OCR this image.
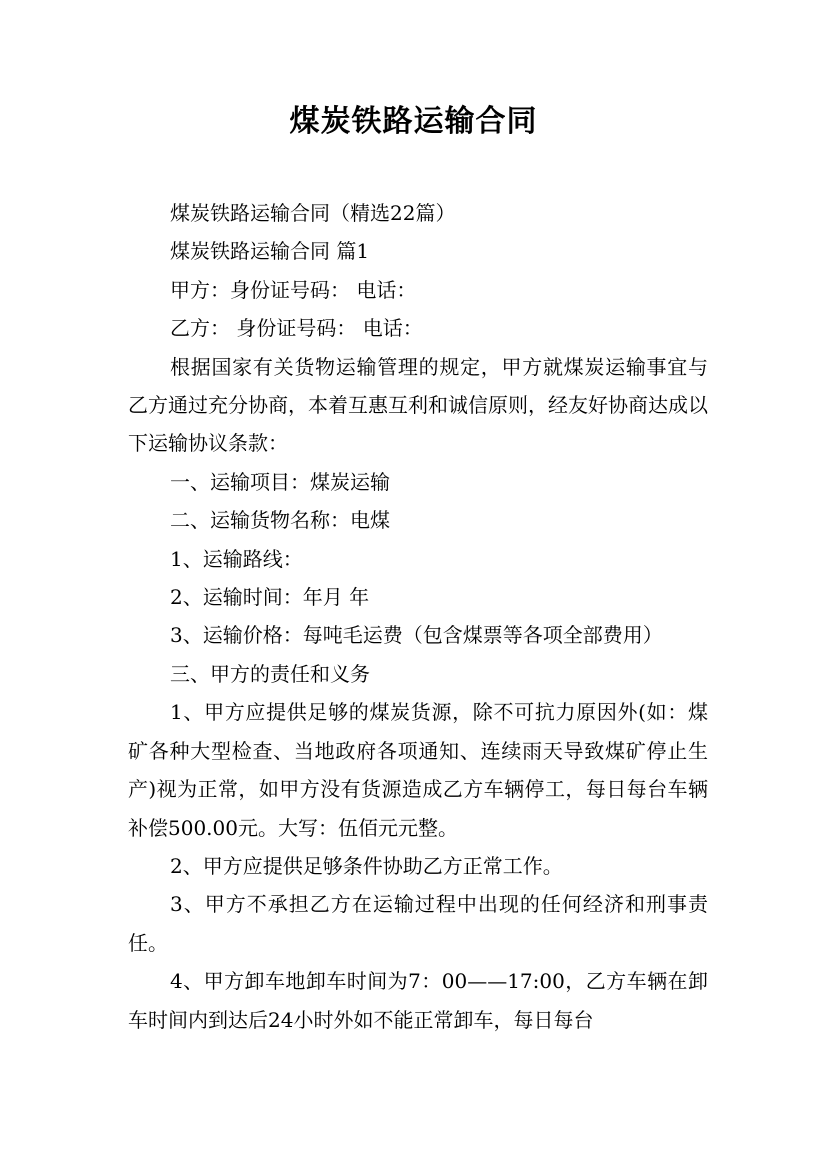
煤炭铁路运输合同

煤炭铁路运输合同（精选22篇）

煤炭铁路运输合同 篇1

甲方：身份证号码： 电话：

乙方： 身份证号码： 电话：

根据国家有关货物运输管理的规定，甲方就煤炭运输事宜与乙方通过充分协商，本着互惠互利和诚信原则，经友好协商达成以下运输协议条款：

一、运输项目：煤炭运输

二、运输货物名称：电煤

1、运输路线：

2、运输时间：年月 年

3、运输价格：每吨毛运费（包含煤票等各项全部费用）

三、甲方的责任和义务

1、甲方应提供足够的煤炭货源，除不可抗力原因外(如：煤矿各种大型检查、当地政府各项通知、连续雨天导致煤矿停止生产)视为正常，如甲方没有货源造成乙方车辆停工，每日每台车辆补偿500.00元。大写：伍佰元元整。

2、甲方应提供足够条件协助乙方正常工作。

3、甲方不承担乙方在运输过程中出现的任何经济和刑事责任。

4、甲方卸车地卸车时间为7：00——17:00，乙方车辆在卸车时间内到达后24小时外如不能正常卸车，每日每台
